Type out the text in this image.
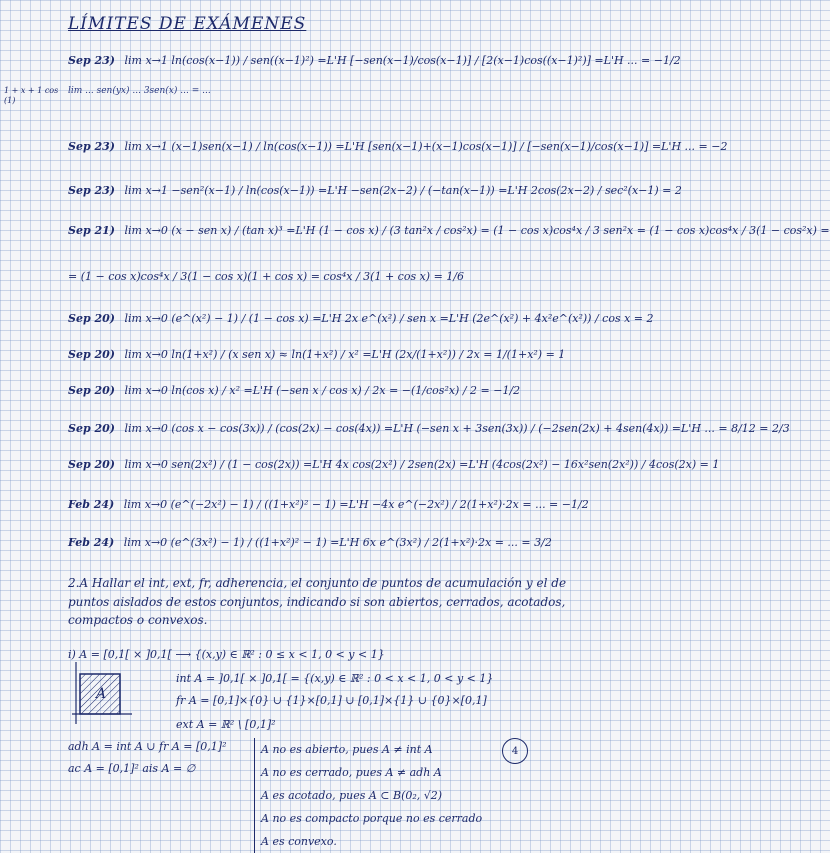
LÍMITES DE EXÁMENES
1 + x + 1 cos (1)
lim ... sen(yx) ... 3sen(x) ... = ...
Sep 23) lim x→1 ln(cos(x−1)) / sen((x−1)²) =L'H [−sen(x−1)/cos(x−1)] / [2(x−1)cos((x−1)²)] =L'H ... = −1/2
Sep 23) lim x→1 (x−1)sen(x−1) / ln(cos(x−1)) =L'H [sen(x−1)+(x−1)cos(x−1)] / [−sen(x−1)/cos(x−1)] =L'H ... = −2
Sep 23) lim x→1 −sen²(x−1) / ln(cos(x−1)) =L'H −sen(2x−2) / (−tan(x−1)) =L'H 2cos(2x−2) / sec²(x−1) = 2
Sep 21) lim x→0 (x − sen x) / (tan x)³ =L'H (1 − cos x) / (3 tan²x / cos²x) = (1 − cos x)cos⁴x / 3 sen²x = (1 − cos x)cos⁴x / 3(1 − cos²x) =
= (1 − cos x)cos⁴x / 3(1 − cos x)(1 + cos x) = cos⁴x / 3(1 + cos x) = 1/6
Sep 20) lim x→0 (e^(x²) − 1) / (1 − cos x) =L'H 2x e^(x²) / sen x =L'H (2e^(x²) + 4x²e^(x²)) / cos x = 2
Sep 20) lim x→0 ln(1+x²) / (x sen x) ≈ ln(1+x²) / x² =L'H (2x/(1+x²)) / 2x = 1/(1+x²) = 1
Sep 20) lim x→0 ln(cos x) / x² =L'H (−sen x / cos x) / 2x = −(1/cos²x) / 2 = −1/2
Sep 20) lim x→0 (cos x − cos(3x)) / (cos(2x) − cos(4x)) =L'H (−sen x + 3sen(3x)) / (−2sen(2x) + 4sen(4x)) =L'H ... = 8/12 = 2/3
Sep 20) lim x→0 sen(2x²) / (1 − cos(2x)) =L'H 4x cos(2x²) / 2sen(2x) =L'H (4cos(2x²) − 16x²sen(2x²)) / 4cos(2x) = 1
Feb 24) lim x→0 (e^(−2x²) − 1) / ((1+x²)² − 1) =L'H −4x e^(−2x²) / 2(1+x²)·2x = ... = −1/2
Feb 24) lim x→0 (e^(3x²) − 1) / ((1+x²)² − 1) =L'H 6x e^(3x²) / 2(1+x²)·2x = ... = 3/2
2.A Hallar el int, ext, fr, adherencia, el conjunto de puntos de acumulación y el de puntos aislados de estos conjuntos, indicando si son abiertos, cerrados, acotados, compactos o convexos.
i) A = [0,1[ × ]0,1[ ⟶ {(x,y) ∈ ℝ² : 0 ≤ x < 1, 0 < y < 1}
int A = ]0,1[ × ]0,1[ = {(x,y) ∈ ℝ² : 0 < x < 1, 0 < y < 1}
fr A = [0,1]×{0} ∪ {1}×[0,1] ∪ [0,1]×{1} ∪ {0}×[0,1]
ext A = ℝ² \ [0,1]²
adh A = int A ∪ fr A = [0,1]²
ac A = [0,1]² ais A = ∅
A
A no es abierto, pues A ≠ int A
A no es cerrado, pues A ≠ adh A
A es acotado, pues A ⊂ B(0₂, √2)
A no es compacto porque no es cerrado
A es convexo.
4
